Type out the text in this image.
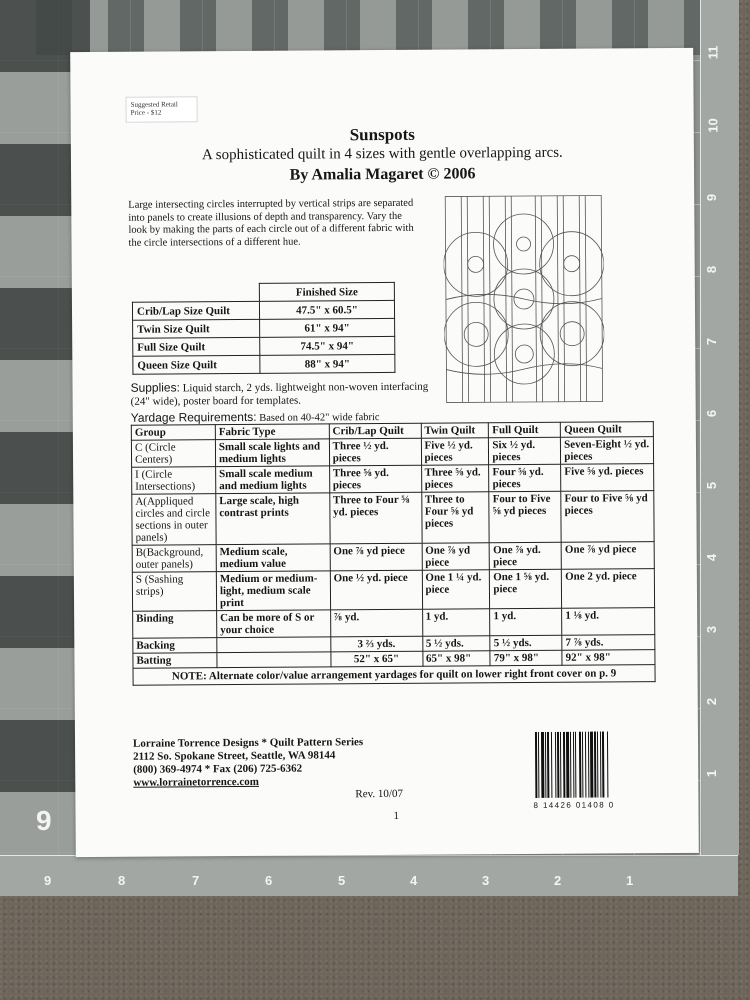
9	8	7	6	5	4	3	2	1
11
10
9
8
7
6
5
4
3
2
1
9
Suggested Retail
Price - $12
Sunspots
A sophisticated quilt in 4 sizes with gentle overlapping arcs.
By Amalia Magaret © 2006
Large intersecting circles interrupted by vertical strips are separated into panels to create illusions of depth and transparency. Vary the look by making the parts of each circle out of a different fabric with the circle intersections of a different hue.
	Finished Size
Crib/Lap Size Quilt	47.5" x 60.5"
Twin Size Quilt	61" x 94"
Full Size Quilt	74.5" x 94"
Queen Size Quilt	88" x 94"
Supplies: Liquid starch, 2 yds. lightweight non-woven interfacing (24" wide), poster board for templates.
Yardage Requirements: Based on 40-42" wide fabric
Group	Fabric Type	Crib/Lap Quilt	Twin Quilt	Full Quilt	Queen Quilt
C (Circle Centers)	Small scale lights and medium lights	Three ½ yd. pieces	Five ½ yd. pieces	Six ½ yd. pieces	Seven-Eight ½ yd. pieces
I (Circle Intersections)	Small scale medium and medium lights	Three ⅝ yd. pieces	Three ⅝ yd. pieces	Four ⅝ yd. pieces	Five ⅝ yd. pieces
A(Appliqued circles and circle sections in outer panels)	Large scale, high contrast prints	Three to Four ⅝ yd. pieces	Three to Four ⅝ yd pieces	Four to Five ⅝ yd pieces	Four to Five ⅝ yd pieces
B(Background, outer panels)	Medium scale, medium value	One ⅞ yd piece	One ⅞ yd piece	One ⅞ yd. piece	One ⅞ yd piece
S (Sashing strips)	Medium or medium-light, medium scale print	One ½ yd. piece	One 1 ¼ yd. piece	One 1 ⅝ yd. piece	One 2 yd. piece
Binding	Can be more of S or your choice	⅞ yd.	1 yd.	1 yd.	1 ⅛ yd.
Backing		3 ⅔ yds.	5 ½ yds.	5 ½ yds.	7 ⅞ yds.
Batting		52" x 65"	65" x 98"	79" x 98"	92" x 98"
NOTE: Alternate color/value arrangement yardages for quilt on lower right front cover on p. 9					
Lorraine Torrence Designs * Quilt Pattern Series
2112 So. Spokane Street, Seattle, WA 98144
(800) 369-4974 * Fax (206) 725-6362
www.lorrainetorrence.com
Rev. 10/07
1
8 14426 01408 0
